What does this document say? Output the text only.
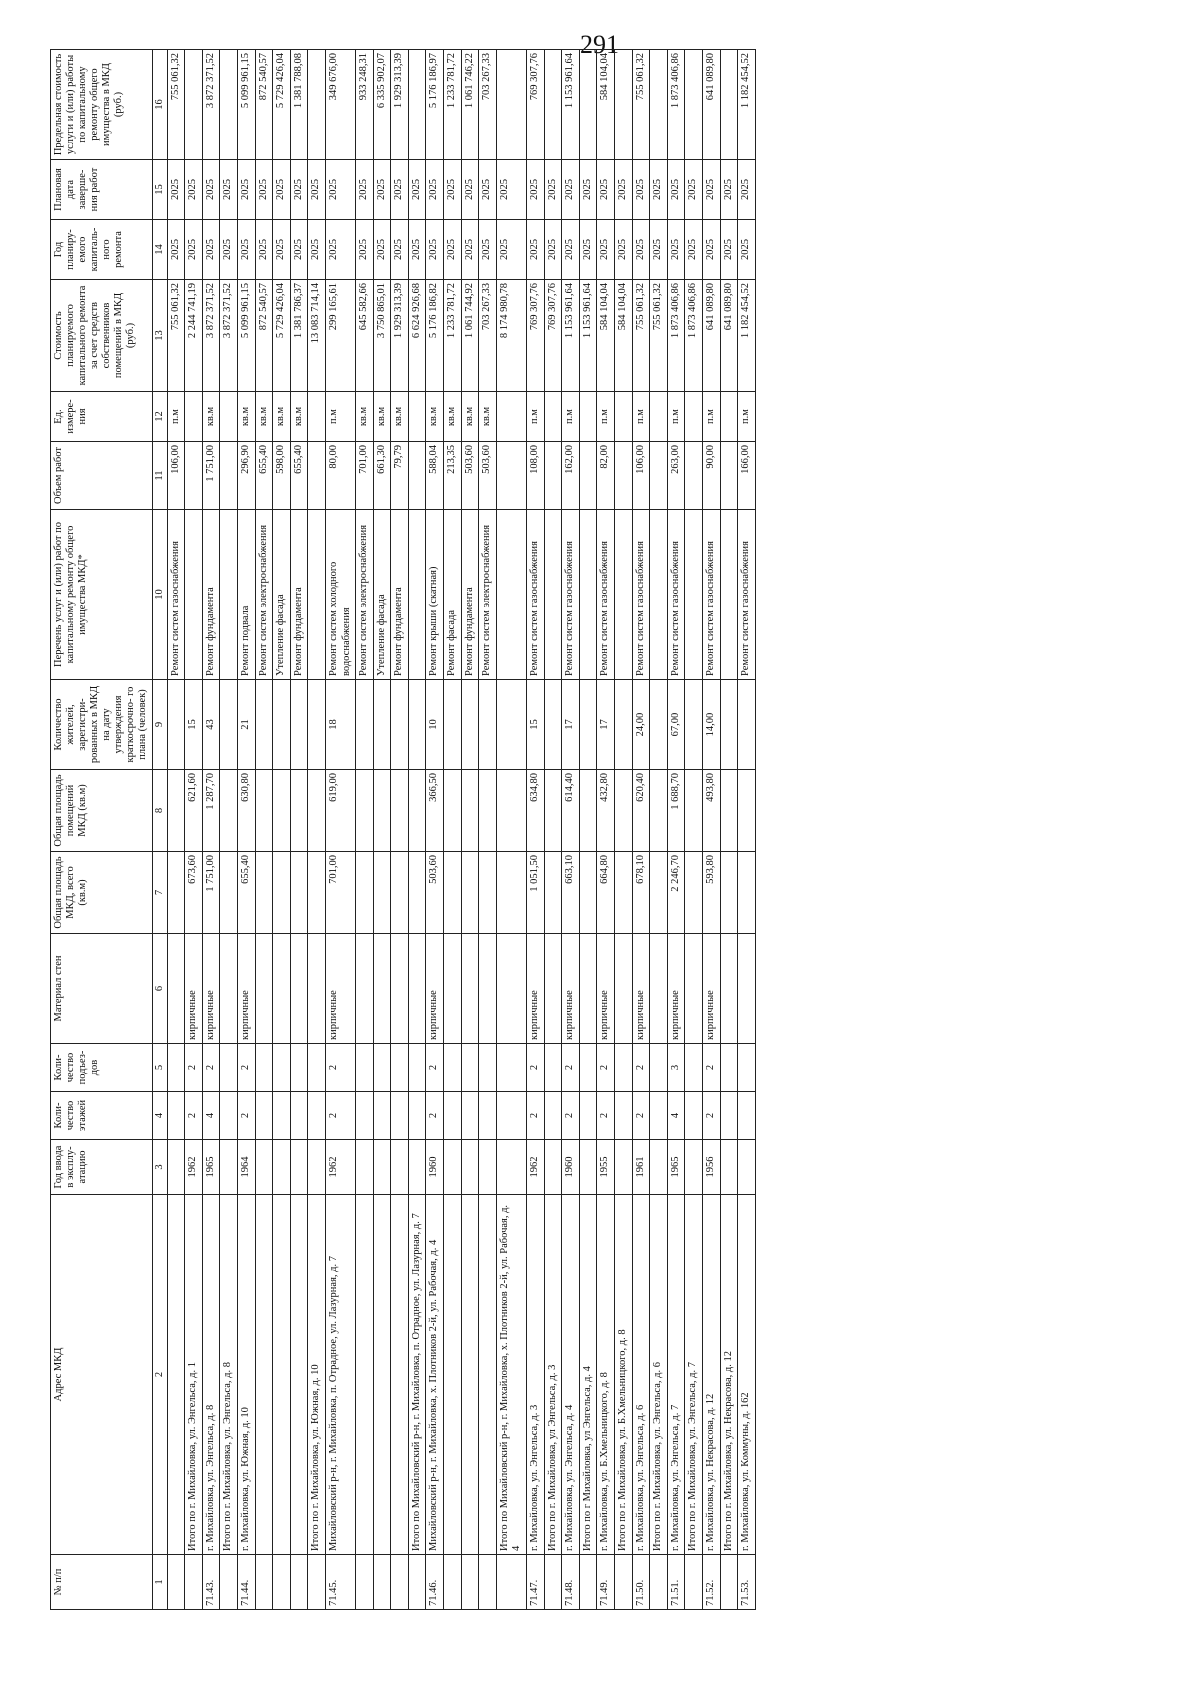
291
№ п/п	Адрес МКД	Год ввода в эксплу- атацию	Коли- чество этажей	Коли- чество подъез- дов	Материал стен	Общая площадь МКД, всего (кв.м)	Общая площадь помещений МКД (кв.м)	Количество жителей, зарегистри- рованных в МКД на дату утверждения краткосрочно- го плана (человек)	Перечень услуг и (или) работ по капитальному ремонту общего имущества МКД*	Объем работ	Ед. измере- ния	Стоимость планируемого капитального ремонта за счет средств собственников помещений в МКД (руб.)	Год планиру- емого капиталь- ного ремонта	Плановая дата заверше- ния работ	Предельная стоимость услуги и (или) работы по капитальному ремонту общего имущества в МКД (руб.)
1	2	3	4	5	6	7	8	9	10	11	12	13	14	15	16
									Ремонт систем газоснабжения	106,00	п.м	755 061,32	2025	2025	755 061,32
	Итого по г. Михайловка, ул. Энгельса, д. 1	1962	2	2	кирпичные	673,60	621,60	15				2 244 741,19	2025	2025	
71.43.	г. Михайловка, ул. Энгельса, д. 8	1965	4	2	кирпичные	1 751,00	1 287,70	43	Ремонт фундамента	1 751,00	кв.м	3 872 371,52	2025	2025	3 872 371,52
	Итого по г. Михайловка, ул. Энгельса, д. 8											3 872 371,52	2025	2025	
71.44.	г. Михайловка, ул. Южная, д. 10	1964	2	2	кирпичные	655,40	630,80	21	Ремонт подвала	296,90	кв.м	5 099 961,15	2025	2025	5 099 961,15
									Ремонт систем электроснабжения	655,40	кв.м	872 540,57	2025	2025	872 540,57
									Утепление фасада	598,00	кв.м	5 729 426,04	2025	2025	5 729 426,04
									Ремонт фундамента	655,40	кв.м	1 381 786,37	2025	2025	1 381 788,08
	Итого по г. Михайловка, ул. Южная, д. 10											13 083 714,14	2025	2025	
71.45.	Михайловский р-н, г. Михайловка, п. Отрадное, ул. Лазурная, д. 7	1962	2	2	кирпичные	701,00	619,00	18	Ремонт систем холодного водоснабжения	80,00	п.м	299 165,61	2025	2025	349 676,00
									Ремонт систем электроснабжения	701,00	кв.м	645 582,66	2025	2025	933 248,31
									Утепление фасада	661,30	кв.м	3 750 865,01	2025	2025	6 335 902,07
									Ремонт фундамента	79,79	кв.м	1 929 313,39	2025	2025	1 929 313,39
	Итого по Михайловский р-н, г. Михайловка, п. Отрадное, ул. Лазурная, д. 7											6 624 926,68	2025	2025	
71.46.	Михайловский р-н, г. Михайловка, х. Плотников 2-й, ул. Рабочая, д. 4	1960	2	2	кирпичные	503,60	366,50	10	Ремонт крыши (скатная)	588,04	кв.м	5 176 186,82	2025	2025	5 176 186,97
									Ремонт фасада	213,35	кв.м	1 233 781,72	2025	2025	1 233 781,72
									Ремонт фундамента	503,60	кв.м	1 061 744,92	2025	2025	1 061 746,22
									Ремонт систем электроснабжения	503,60	кв.м	703 267,33	2025	2025	703 267,33
	Итого по Михайловский р-н, г. Михайловка, х. Плотников 2-й, ул. Рабочая, д. 4											8 174 980,78	2025	2025	
71.47.	г. Михайловка, ул. Энгельса, д. 3	1962	2	2	кирпичные	1 051,50	634,80	15	Ремонт систем газоснабжения	108,00	п.м	769 307,76	2025	2025	769 307,76
	Итого по г. Михайловка, ул Энгельса, д. 3											769 307,76	2025	2025	
71.48.	г. Михайловка, ул. Энгельса, д. 4	1960	2	2	кирпичные	663,10	614,40	17	Ремонт систем газоснабжения	162,00	п.м	1 153 961,64	2025	2025	1 153 961,64
	Итого по г Михайловка, ул Энгельса, д. 4											1 153 961,64	2025	2025	
71.49.	г. Михайловка, ул. Б.Хмельницкого, д. 8	1955	2	2	кирпичные	664,80	432,80	17	Ремонт систем газоснабжения	82,00	п.м	584 104,04	2025	2025	584 104,04
	Итого по г. Михайловка, ул. Б.Хмельницкого, д. 8											584 104,04	2025	2025	
71.50.	г. Михайловка, ул. Энгельса, д. 6	1961	2	2	кирпичные	678,10	620,40	24,00	Ремонт систем газоснабжения	106,00	п.м	755 061,32	2025	2025	755 061,32
	Итого по г. Михайловка, ул. Энгельса, д. 6											755 061,32	2025	2025	
71.51.	г. Михайловка, ул. Энгельса, д. 7	1965	4	3	кирпичные	2 246,70	1 688,70	67,00	Ремонт систем газоснабжения	263,00	п.м	1 873 406,86	2025	2025	1 873 406,86
	Итого по г. Михайловка, ул. Энгельса, д. 7											1 873 406,86	2025	2025	
71.52.	г. Михайловка, ул. Некрасова, д. 12	1956	2	2	кирпичные	593,80	493,80	14,00	Ремонт систем газоснабжения	90,00	п.м	641 089,80	2025	2025	641 089,80
	Итого по г. Михайловка, ул. Некрасова, д. 12											641 089,80	2025	2025	
71.53.	г. Михайловка, ул. Коммуны, д. 162								Ремонт систем газоснабжения	166,00	п.м	1 182 454,52	2025	2025	1 182 454,52
